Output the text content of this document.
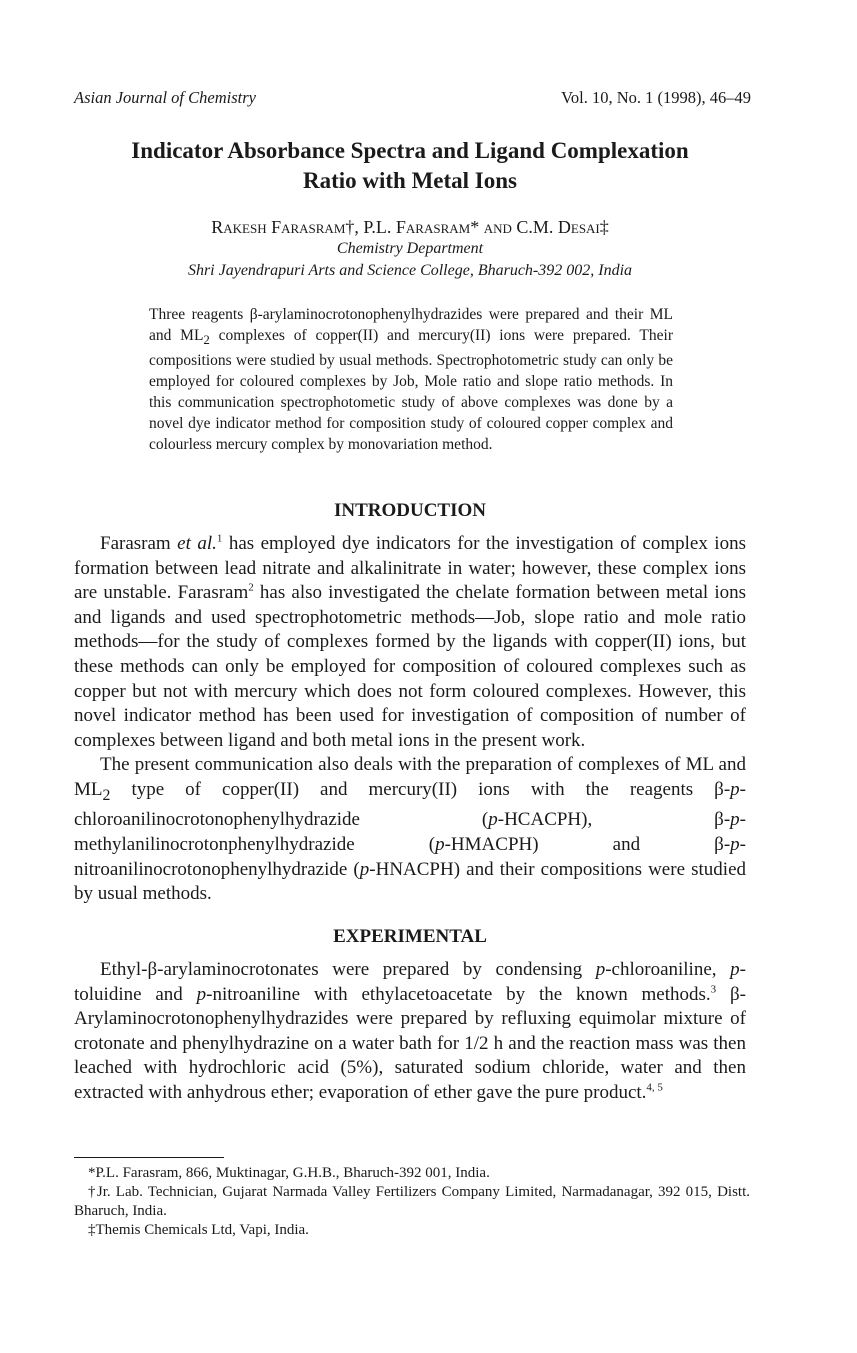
Asian Journal of Chemistry	Vol. 10, No. 1 (1998), 46–49
Indicator Absorbance Spectra and Ligand Complexation
Ratio with Metal Ions
Rakesh Farasram†, P.L. Farasram* and C.M. Desai‡
Chemistry Department
Shri Jayendrapuri Arts and Science College, Bharuch-392 002, India
Three reagents β-arylaminocrotonophenylhydrazides were prepared and their ML and $ML_2$ complexes of copper(II) and mercury(II) ions were prepared. Their compositions were studied by usual methods. Spectrophotometric study can only be employed for coloured complexes by Job, Mole ratio and slope ratio methods. In this communication spectrophotometic study of above complexes was done by a novel dye indicator method for composition study of coloured copper complex and colourless mercury complex by monovariation method.
INTRODUCTION

Farasram et al.$^1$ has employed dye indicators for the investigation of complex ions formation between lead nitrate and alkalinitrate in water; however, these complex ions are unstable. Farasram$^2$ has also investigated the chelate formation between metal ions and ligands and used spectrophotometric methods—Job, slope ratio and mole ratio methods—for the study of complexes formed by the ligands with copper(II) ions, but these methods can only be employed for composition of coloured complexes such as copper but not with mercury which does not form coloured complexes. However, this novel indicator method has been used for investigation of composition of number of complexes between ligand and both metal ions in the present work.

The present communication also deals with the preparation of complexes of ML and $ML_2$ type of copper(II) and mercury(II) ions with the reagents β-p-chloroanilinocrotonophenylhydrazide (p-HCACPH), β-p-methylanilinocrotonphenylhydrazide (p-HMACPH) and β-p-nitroanilinocrotonophenylhydrazide (p-HNACPH) and their compositions were studied by usual methods.

EXPERIMENTAL

Ethyl-β-arylaminocrotonates were prepared by condensing p-chloroaniline, p-toluidine and p-nitroaniline with ethylacetoacetate by the known methods.$^3$ β-Arylaminocrotonophenylhydrazides were prepared by refluxing equimolar mixture of crotonate and phenylhydrazine on a water bath for 1/2 h and the reaction mass was then leached with hydrochloric acid (5%), saturated sodium chloride, water and then extracted with anhydrous ether; evaporation of ether gave the pure product.$^{4, 5}$

*P.L. Farasram, 866, Muktinagar, G.H.B., Bharuch-392 001, India.

†Jr. Lab. Technician, Gujarat Narmada Valley Fertilizers Company Limited, Narmadanagar, 392 015, Distt. Bharuch, India.

‡Themis Chemicals Ltd, Vapi, India.
